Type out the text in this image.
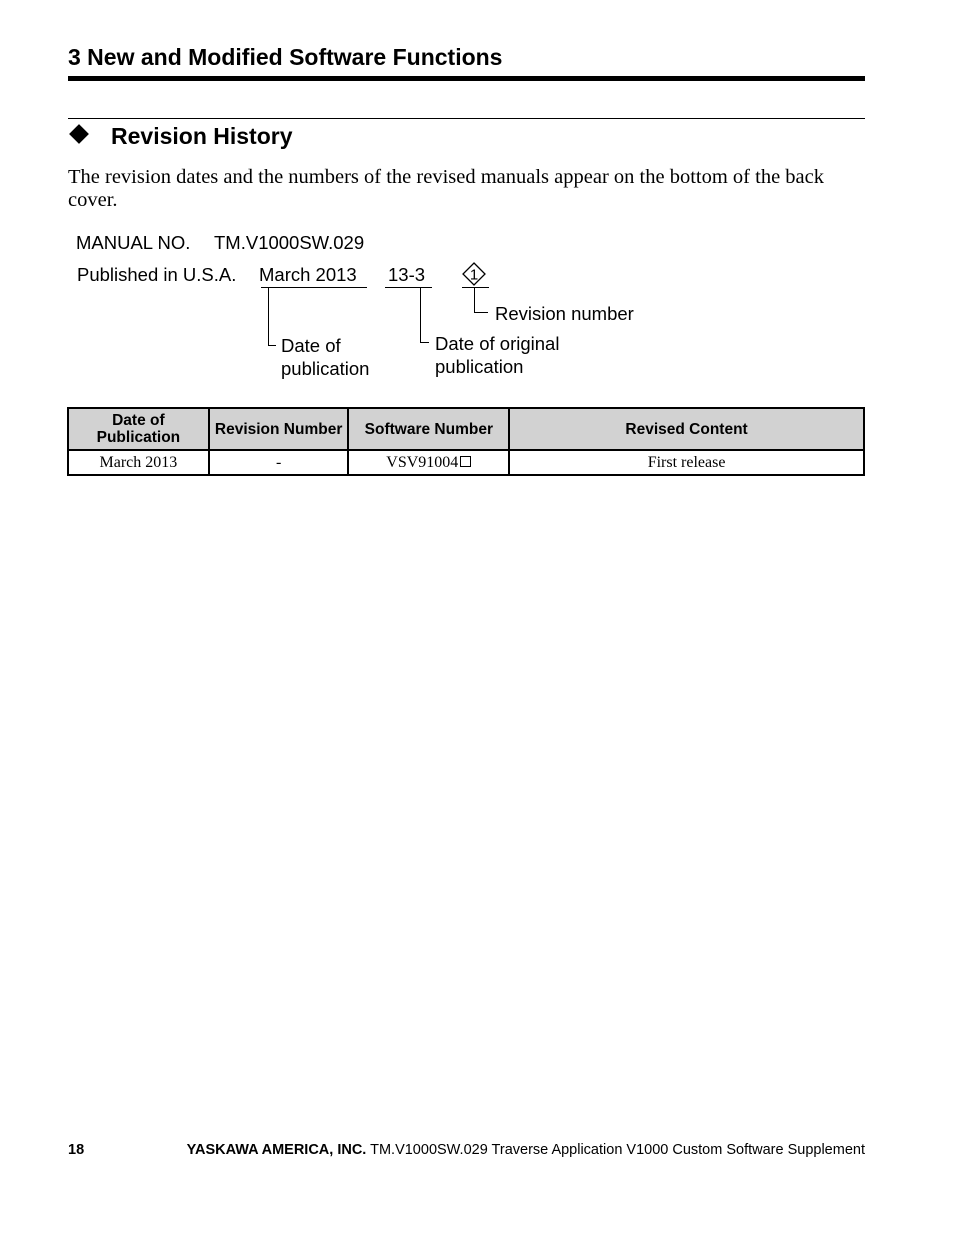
3 New and Modified Software Functions
Revision History
The revision dates and the numbers of the revised manuals appear on the bottom of the back cover.
MANUAL NO. TM.V1000SW.029
Published in U.S.A. March 2013 13-3	1
Revision number
Date of
publication
Date of original
publication
Date of Publication	Revision Number	Software Number	Revised Content
March 2013	-	VSV91004	First release
18	YASKAWA AMERICA, INC. TM.V1000SW.029 Traverse Application V1000 Custom Software Supplement
